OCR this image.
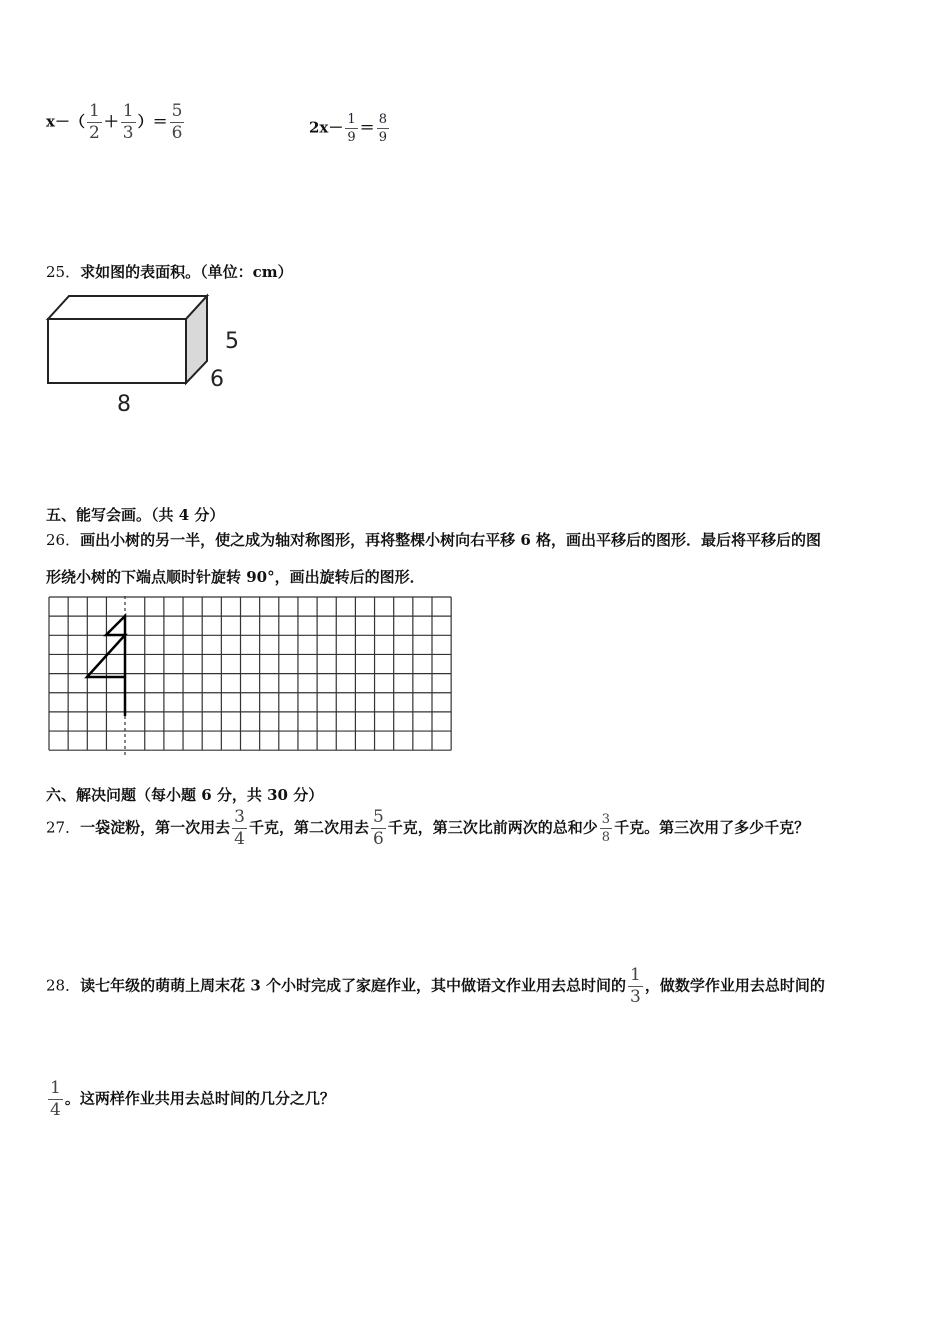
$x-( \frac{1}{2} + \frac{1}{3}$ ）＝ $\frac{5}{6}$	$2x- \frac{1}{9} = \frac{8}{9}$
25．求如图的表面积。（单位：cm）
5
6
8
五、能写会画。（共 4 分）
26．画出小树的另一半，使之成为轴对称图形，再将整棵小树向右平移 6 格，画出平移后的图形．最后将平移后的图
形绕小树的下端点顺时针旋转 90°，画出旋转后的图形．
六、解决问题（每小题 6 分，共 30 分）
27．一袋淀粉，第一次用去 $\frac{3}{4}$ 千克，第二次用去 $\frac{5}{6}$ 千克，第三次比前两次的总和少 $\frac{3}{8}$ 千克。第三次用了多少千克？
28．读七年级的萌萌上周末花 3 个小时完成了家庭作业，其中做语文作业用去总时间的 $\frac{1}{3}$ ，做数学作业用去总时间的
$\frac{1}{4}$ 。这两样作业共用去总时间的几分之几？
